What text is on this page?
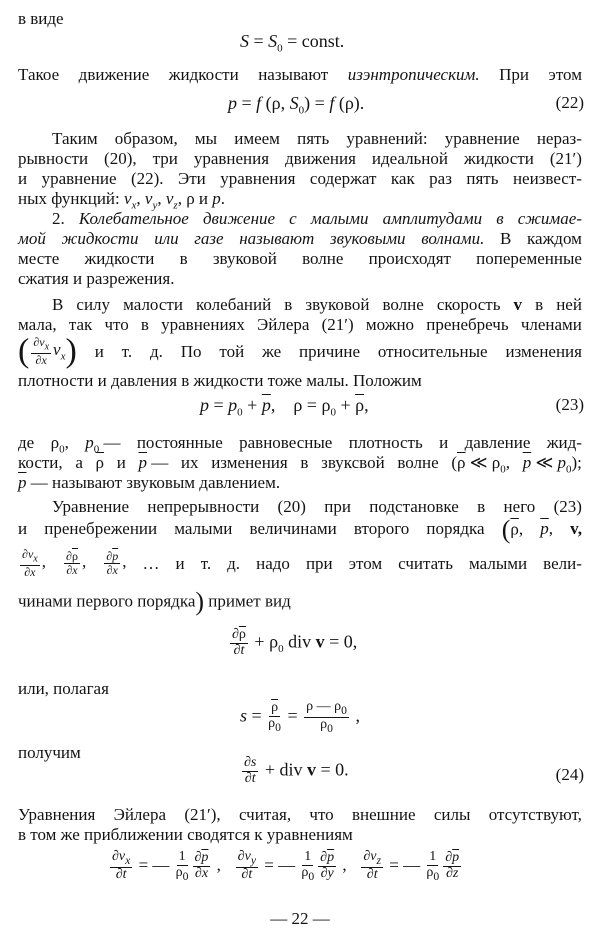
в виде
$S = S_0$ = const.
Такое движение жидкости называют изэнтропическим. При этом
p = f (ρ, $S_0) = f$ (ρ).	(22)
Таким образом, мы имеем пять уравнений: уравнение нераз-
рывности (20), три уравнения движения идеальной жидкости (21′)
и уравнение (22). Эти уравнения содержат как раз пять неизвест-
ных функций: $v_x$, $v_y$, $v_z$, ρ и p.
2. Колебательное движение с малыми амплитудами в сжимае-
мой жидкости или газе называют звуковыми волнами. В каждом
месте жидкости в звуковой волне происходят попеременные
сжатия и разрежения.
В силу малости колебаний в звуковой волне скорость v в ней
мала, так что в уравнениях Эйлера (21′) можно пренебречь членами
( $\frac{\partial v_x}{\partial x} v_x$) и т. д. По той же причине относительные изменения
плотности и давления в жидкости тоже малы. Положим
$p = p_0 + \overline{p}$,    $\rho = \rho_0 + \overline{\rho}$,	(23)
де $\rho_0$, $p_0$ — постоянные равновесные плотность и давление жид-
кости, а $\overline{\rho}$ и $\overline{p}$ — их изменения в звуксвой волне ($\overline{\rho}$ ≪ $\rho_0$, $\overline{p}$ ≪ $p_0$);
$\overline{p}$ — называют звуковым давлением.
Уравнение непрерывности (20) при подстановке в него (23)
и пренебрежении малыми величинами второго порядка ($\overline{\rho}$, $\overline{p}$, v,
$\frac{\partial v_x}{\partial x}$ , $\frac{\partial\overline{\rho}}{\partial x}$ , $\frac{\partial\overline{p}}{\partial x}$ , … и т. д. надо при этом считать малыми вели-
чинами первого порядка) примет вид
$\frac{\partial\overline{\rho}}{\partial t} + \rho_0$ div v = 0,
или, полагая
$s = \frac{\overline{\rho}}{\rho_0} = \frac{\rho — \rho_0}{\rho_0}$ ,
получим
$\frac{\partial s}{\partial t}$ + div v = 0.	(24)
Уравнения Эйлера (21′), считая, что внешние силы отсутствуют,
в том же приближении сводятся к уравнениям
$\frac{\partial v_x}{\partial t}$ = — $\frac{1}{\rho_0} \frac{\partial\overline{p}}{\partial x}$ , $\frac{\partial v_y}{\partial t}$ = — $\frac{1}{\rho_0} \frac{\partial\overline{p}}{\partial y}$ , $\frac{\partial v_z}{\partial t}$ = — $\frac{1}{\rho_0} \frac{\partial\overline{p}}{\partial z}$
— 22 —
